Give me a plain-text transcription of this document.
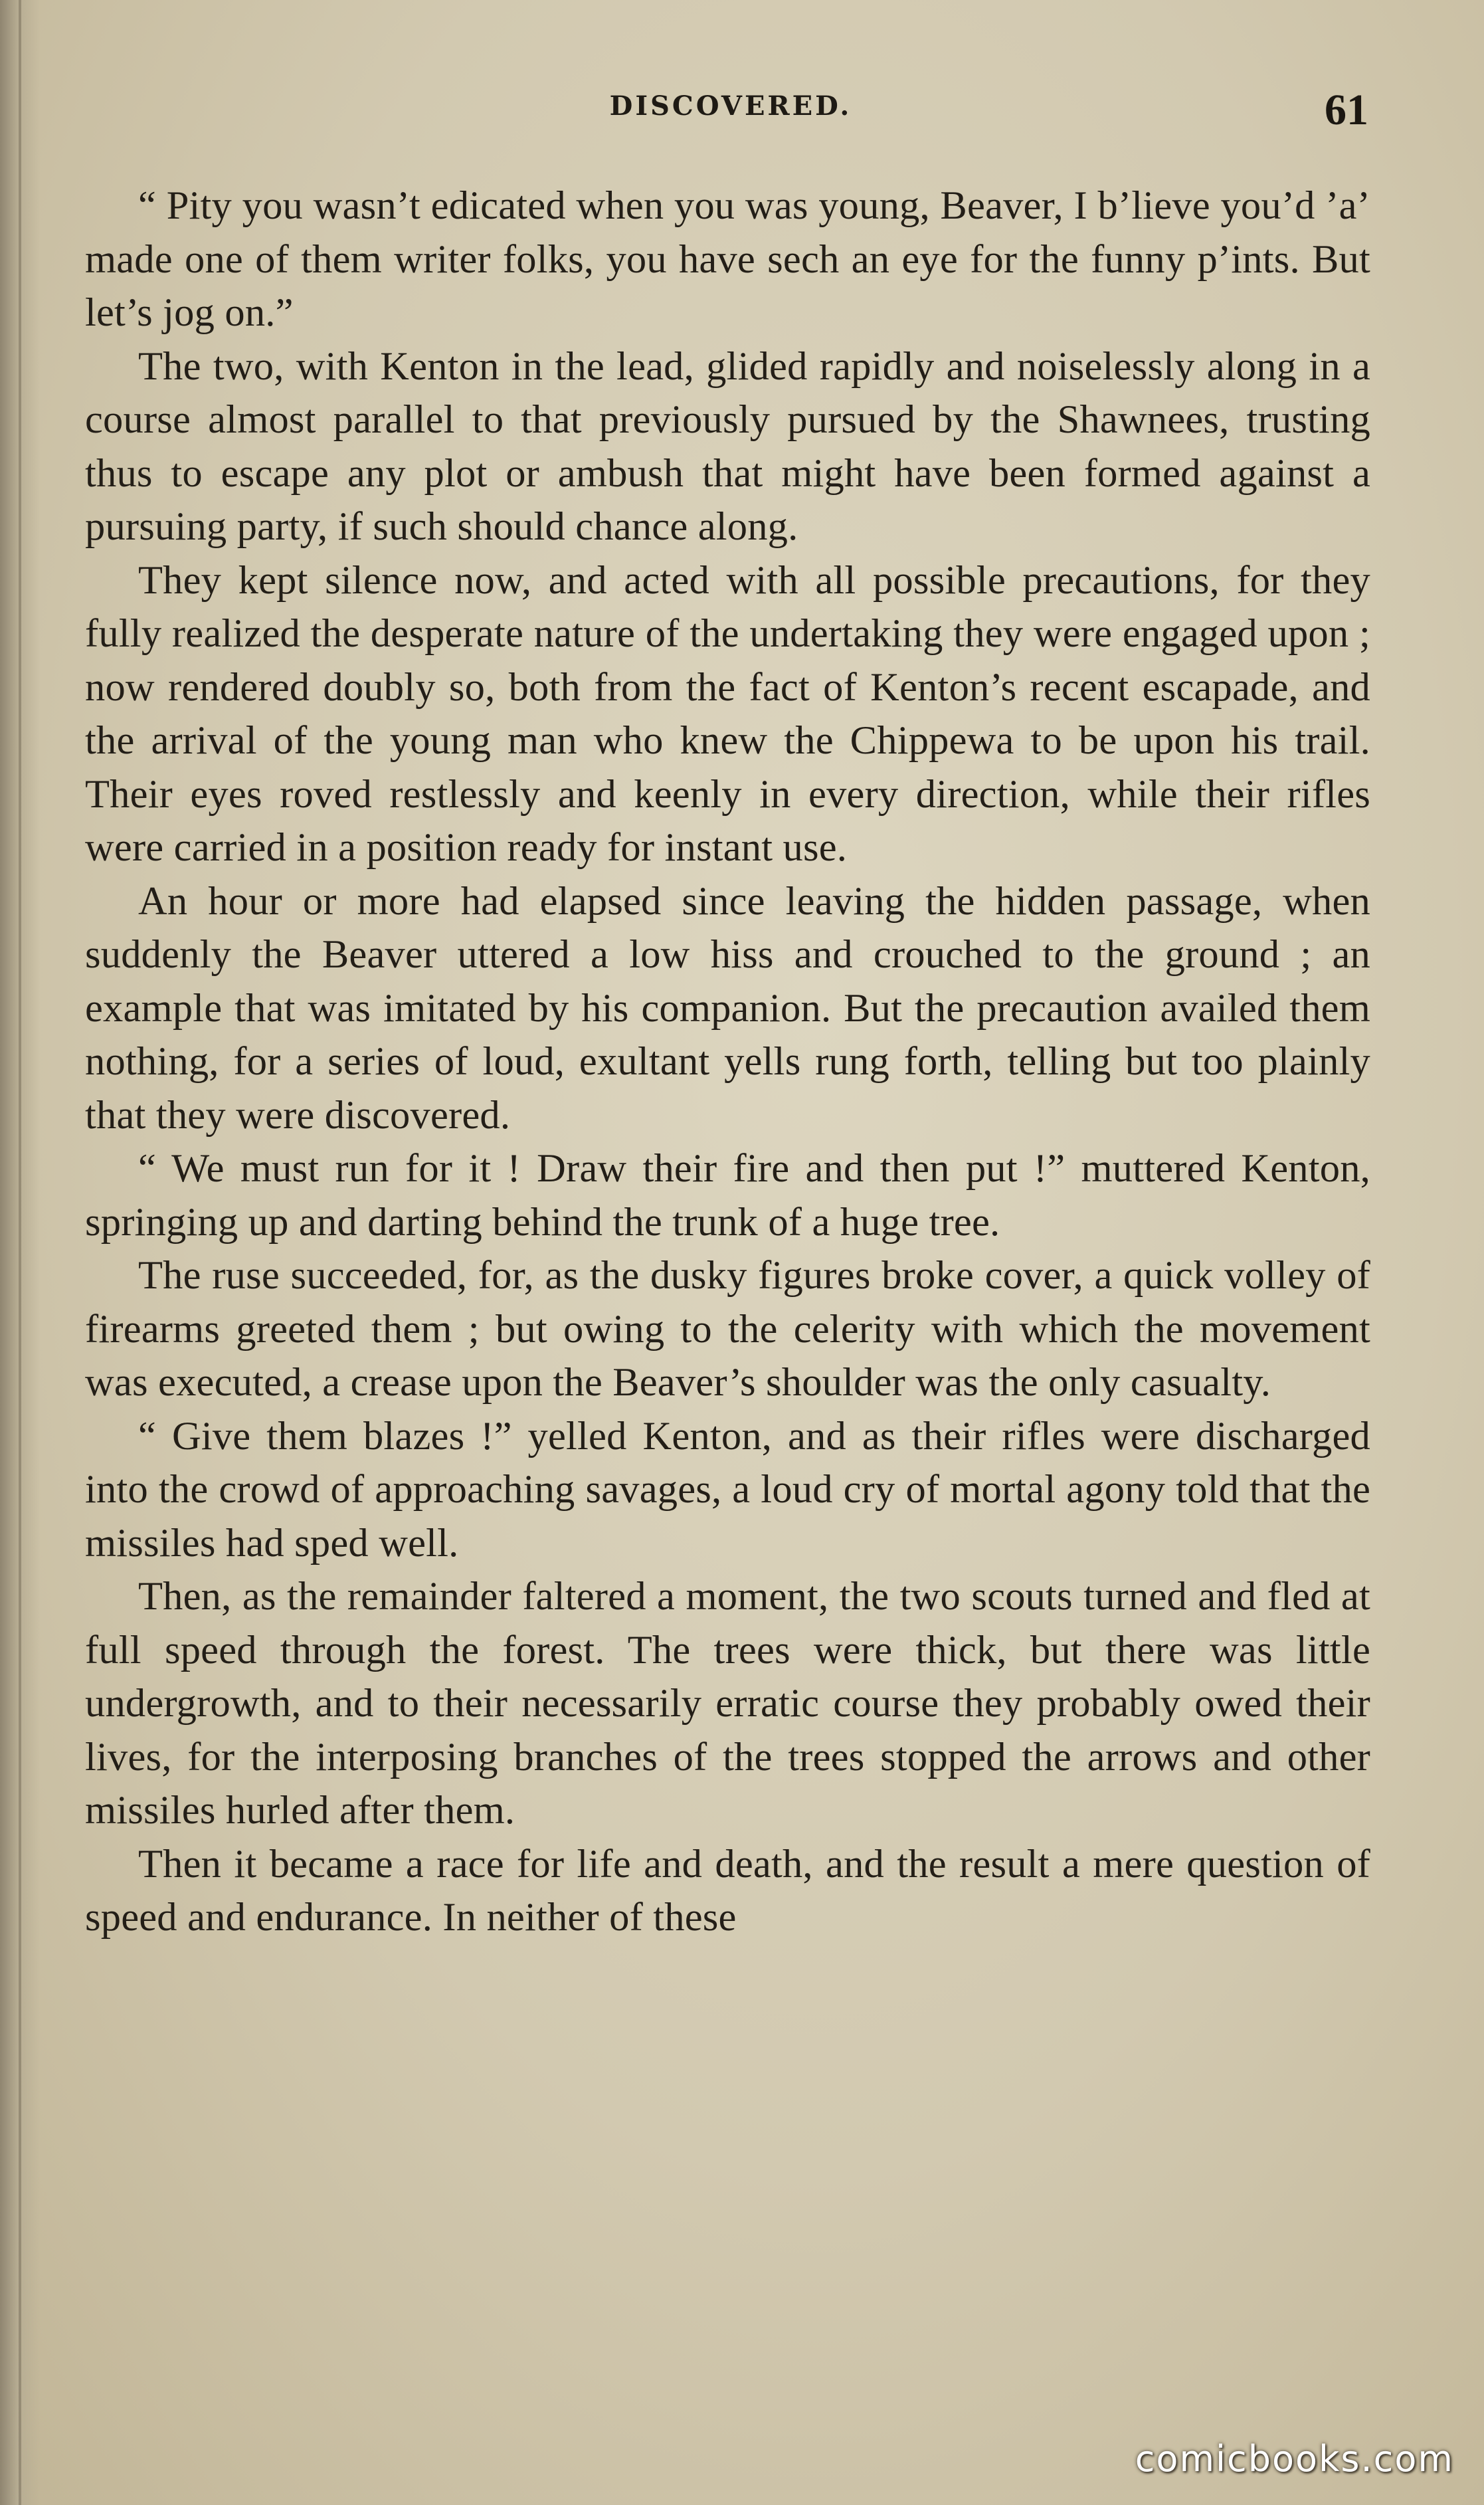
DISCOVERED.	61

“ Pity you wasn’t edicated when you was young, Beaver, I b’lieve you’d ’a’ made one of them writer folks, you have sech an eye for the funny p’ints. But let’s jog on.”

The two, with Kenton in the lead, glided rapidly and noiselessly along in a course almost parallel to that previously pursued by the Shawnees, trusting thus to escape any plot or ambush that might have been formed against a pursuing party, if such should chance along.

They kept silence now, and acted with all possible precautions, for they fully realized the desperate nature of the undertaking they were engaged upon ; now rendered doubly so, both from the fact of Kenton’s recent escapade, and the arrival of the young man who knew the Chippewa to be upon his trail. Their eyes roved restlessly and keenly in every direction, while their rifles were carried in a position ready for instant use.

An hour or more had elapsed since leaving the hidden passage, when suddenly the Beaver uttered a low hiss and crouched to the ground ; an example that was imitated by his companion. But the precaution availed them nothing, for a series of loud, exultant yells rung forth, telling but too plainly that they were discovered.

“ We must run for it ! Draw their fire and then put !” muttered Kenton, springing up and darting behind the trunk of a huge tree.

The ruse succeeded, for, as the dusky figures broke cover, a quick volley of firearms greeted them ; but owing to the celerity with which the movement was executed, a crease upon the Beaver’s shoulder was the only casualty.

“ Give them blazes !” yelled Kenton, and as their rifles were discharged into the crowd of approaching savages, a loud cry of mortal agony told that the missiles had sped well.

Then, as the remainder faltered a moment, the two scouts turned and fled at full speed through the forest. The trees were thick, but there was little undergrowth, and to their necessarily erratic course they probably owed their lives, for the interposing branches of the trees stopped the arrows and other missiles hurled after them.

Then it became a race for life and death, and the result a mere question of speed and endurance. In neither of these

comicbooks.com
